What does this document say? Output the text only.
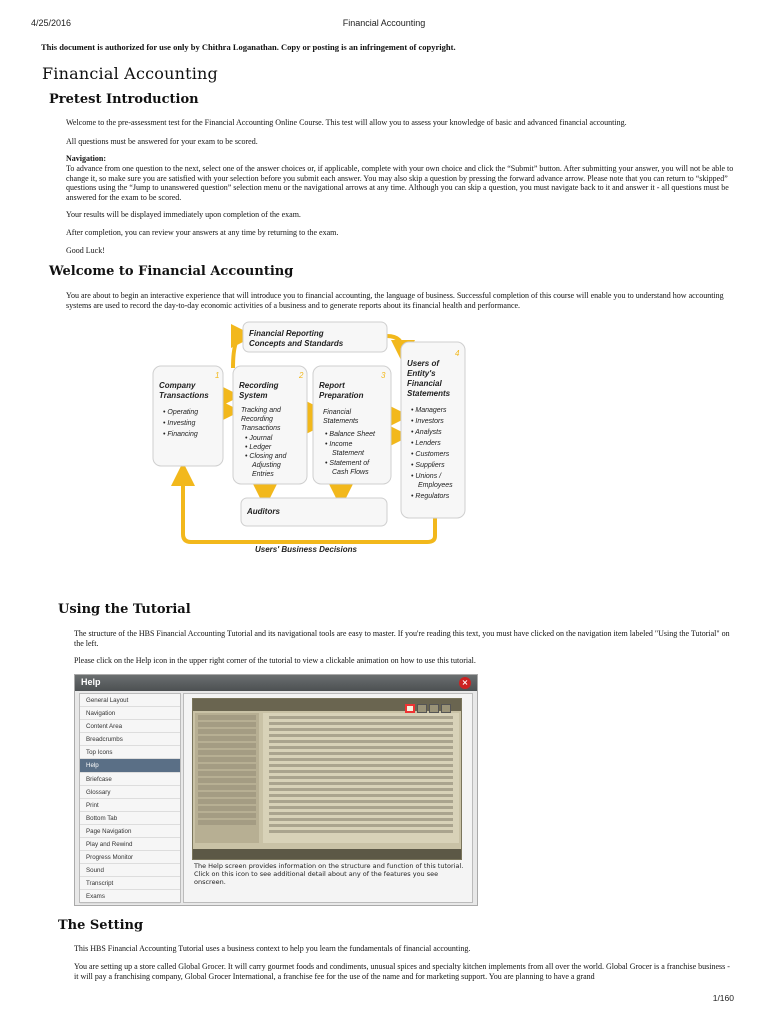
4/25/2016	Financial Accounting
This document is authorized for use only by Chithra Loganathan. Copy or posting is an infringement of copyright.
Financial Accounting
Pretest Introduction
Welcome to the pre-assessment test for the Financial Accounting Online Course. This test will allow you to assess your knowledge of basic and advanced financial accounting.
All questions must be answered for your exam to be scored.
Navigation:
To advance from one question to the next, select one of the answer choices or, if applicable, complete with your own choice and click the “Submit” button. After submitting your answer, you will not be able to change it, so make sure you are satisfied with your selection before you submit each answer. You may also skip a question by pressing the forward advance arrow. Please note that you can return to “skipped” questions using the “Jump to unanswered question” selection menu or the navigational arrows at any time. Although you can skip a question, you must navigate back to it and answer it - all questions must be answered for the exam to be scored.
Your results will be displayed immediately upon completion of the exam.
After completion, you can review your answers at any time by returning to the exam.
Good Luck!
Welcome to Financial Accounting
You are about to begin an interactive experience that will introduce you to financial accounting, the language of business. Successful completion of this course will enable you to understand how accounting systems are used to record the day-to-day economic activities of a business and to generate reports about its financial health and performance.
Financial Reporting
Concepts and Standards
1
Company
Transactions
• Operating
• Investing
• Financing
2
Recording
System
Tracking and
Recording
Transactions
• Journal
• Ledger
• Closing and
Adjusting
Entries
3
Report
Preparation
Financial
Statements
• Balance Sheet
• Income
Statement
• Statement of
Cash Flows
4
Users of
Entity's
Financial
Statements
• Managers
• Investors
• Analysts
• Lenders
• Customers
• Suppliers
• Unions /
Employees
• Regulators
Auditors
Users' Business Decisions
Using the Tutorial
The structure of the HBS Financial Accounting Tutorial and its navigational tools are easy to master. If you're reading this text, you must have clicked on the navigation item labeled "Using the Tutorial" on the left.
Please click on the Help icon in the upper right corner of the tutorial to view a clickable animation on how to use this tutorial.
Help	×
General Layout
Navigation
Content Area
Breadcrumbs
Top Icons
Help
Briefcase
Glossary
Print
Bottom Tab
Page Navigation
Play and Rewind
Progress Monitor
Sound
Transcript
Exams
The Help screen provides information on the structure and function of this tutorial. Click on this icon to see additional detail about any of the features you see onscreen.
The Setting
This HBS Financial Accounting Tutorial uses a business context to help you learn the fundamentals of financial accounting.
You are setting up a store called Global Grocer. It will carry gourmet foods and condiments, unusual spices and specialty kitchen implements from all over the world. Global Grocer is a franchise business - it will pay a franchising company, Global Grocer International, a franchise fee for the use of the name and for marketing support. You are planning to have a grand
1/160
